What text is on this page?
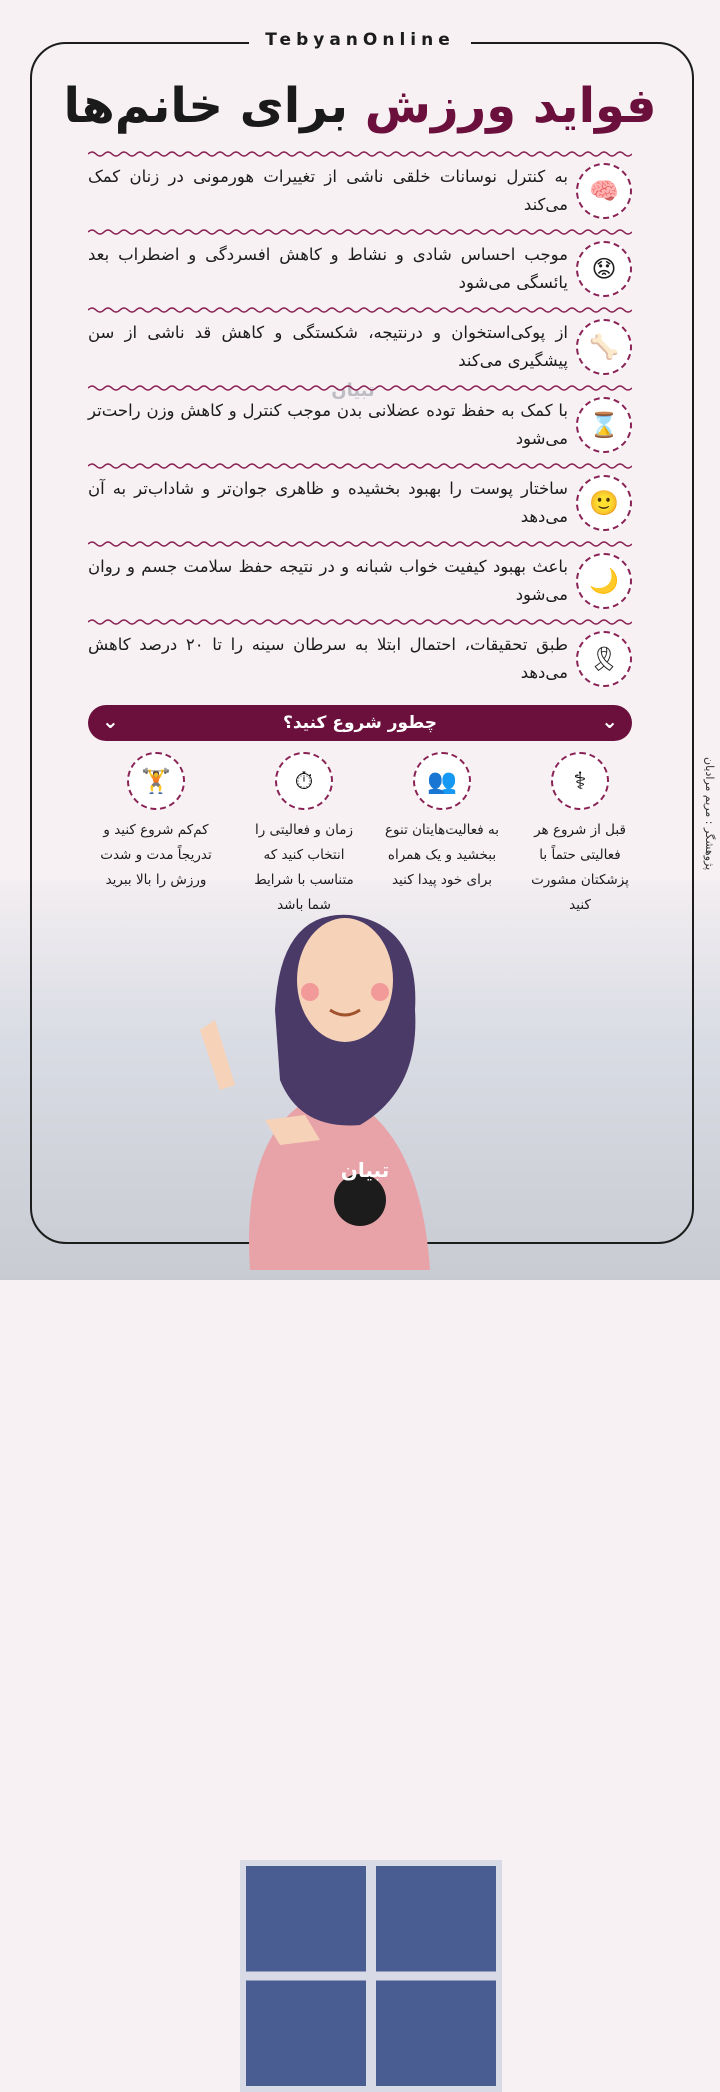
TebyanOnline
فواید ورزش برای خانم‌ها
تبیان
🧠
به کنترل نوسانات خلقی ناشی از تغییرات هورمونی در زنان کمک می‌کند
😟
موجب احساس شادی و نشاط و کاهش افسردگی و اضطراب بعد یائسگی می‌شود
🦴
از پوکی‌استخوان و درنتیجه، شکستگی و کاهش قد ناشی از سن پیشگیری می‌کند
⌛
با کمک به حفظ توده عضلانی بدن موجب کنترل و کاهش وزن راحت‌تر می‌شود
🙂
ساختار پوست را بهبود بخشیده و ظاهری جوان‌تر و شاداب‌تر به آن می‌دهد
🌙
باعث بهبود کیفیت خواب شبانه و در نتیجه حفظ سلامت جسم و روان می‌شود
🎗
طبق تحقیقات، احتمال ابتلا به سرطان سینه را تا ۲۰ درصد کاهش می‌دهد
⌄	چطور شروع کنید؟	⌄
⚕
قبل از شروع هر فعالیتی حتماً با پزشکتان مشورت کنید
👥
به فعالیت‌هایتان تنوع ببخشید و یک همراه برای خود پیدا کنید
⏱
زمان و فعالیتی را انتخاب کنید که متناسب با شرایط شما باشد
🏋
کم‌کم شروع کنید و تدریجاً مدت و شدت ورزش را بالا ببرید
پژوهشگر : مریم مرادیان
تبیان
